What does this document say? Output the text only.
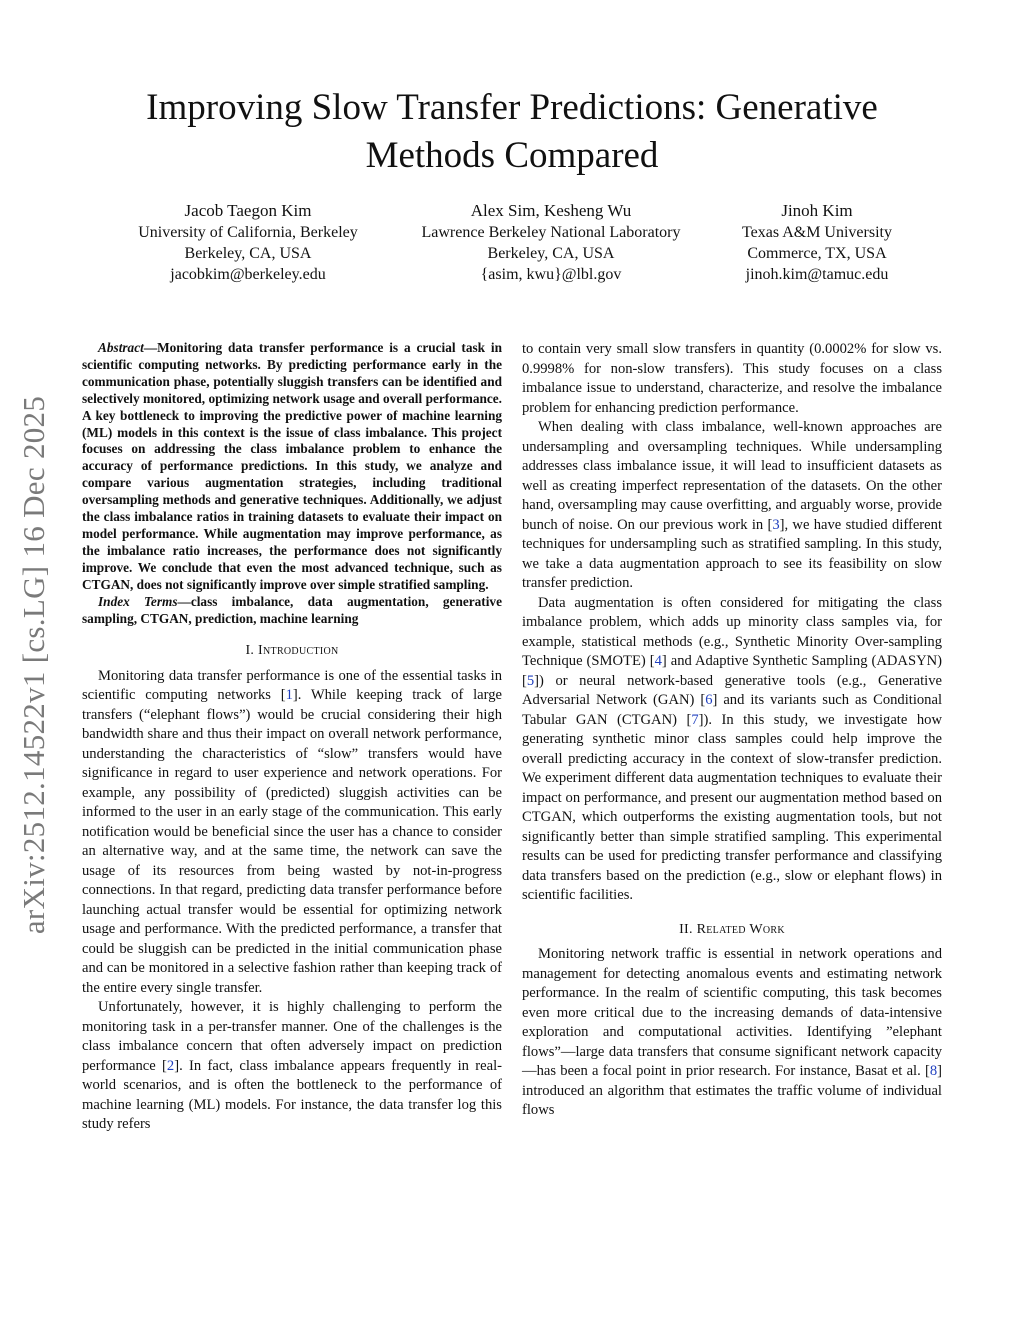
arXiv:2512.14522v1 [cs.LG] 16 Dec 2025
Improving Slow Transfer Predictions: Generative Methods Compared
Jacob Taegon Kim
University of California, Berkeley
Berkeley, CA, USA
jacobkim@berkeley.edu
Alex Sim, Kesheng Wu
Lawrence Berkeley National Laboratory
Berkeley, CA, USA
{asim, kwu}@lbl.gov
Jinoh Kim
Texas A&M University
Commerce, TX, USA
jinoh.kim@tamuc.edu

Abstract—Monitoring data transfer performance is a crucial task in scientific computing networks. By predicting performance early in the communication phase, potentially sluggish transfers can be identified and selectively monitored, optimizing network usage and overall performance. A key bottleneck to improving the predictive power of machine learning (ML) models in this context is the issue of class imbalance. This project focuses on addressing the class imbalance problem to enhance the accuracy of performance predictions. In this study, we analyze and compare various augmentation strategies, including traditional oversampling methods and generative techniques. Additionally, we adjust the class imbalance ratios in training datasets to evaluate their impact on model performance. While augmentation may improve performance, as the imbalance ratio increases, the performance does not significantly improve. We conclude that even the most advanced technique, such as CTGAN, does not significantly improve over simple stratified sampling.

Index Terms—class imbalance, data augmentation, generative sampling, CTGAN, prediction, machine learning

I. Introduction

Monitoring data transfer performance is one of the essential tasks in scientific computing networks [1]. While keeping track of large transfers (“elephant flows”) would be crucial considering their high bandwidth share and thus their impact on overall network performance, understanding the characteristics of “slow” transfers would have significance in regard to user experience and network operations. For example, any possibility of (predicted) sluggish activities can be informed to the user in an early stage of the communication. This early notification would be beneficial since the user has a chance to consider an alternative way, and at the same time, the network can save the usage of its resources from being wasted by not-in-progress connections. In that regard, predicting data transfer performance before launching actual transfer would be essential for optimizing network usage and performance. With the predicted performance, a transfer that could be sluggish can be predicted in the initial communication phase and can be monitored in a selective fashion rather than keeping track of the entire every single transfer.

Unfortunately, however, it is highly challenging to perform the monitoring task in a per-transfer manner. One of the challenges is the class imbalance concern that often adversely impact on prediction performance [2]. In fact, class imbalance appears frequently in real-world scenarios, and is often the bottleneck to the performance of machine learning (ML) models. For instance, the data transfer log this study refers

to contain very small slow transfers in quantity (0.0002% for slow vs. 0.9998% for non-slow transfers). This study focuses on a class imbalance issue to understand, characterize, and resolve the imbalance problem for enhancing prediction performance.

When dealing with class imbalance, well-known approaches are undersampling and oversampling techniques. While undersampling addresses class imbalance issue, it will lead to insufficient datasets as well as creating imperfect representation of the datasets. On the other hand, oversampling may cause overfitting, and arguably worse, provide bunch of noise. On our previous work in [3], we have studied different techniques for undersampling such as stratified sampling. In this study, we take a data augmentation approach to see its feasibility on slow transfer prediction.

Data augmentation is often considered for mitigating the class imbalance problem, which adds up minority class samples via, for example, statistical methods (e.g., Synthetic Minority Over-sampling Technique (SMOTE) [4] and Adaptive Synthetic Sampling (ADASYN) [5]) or neural network-based generative tools (e.g., Generative Adversarial Network (GAN) [6] and its variants such as Conditional Tabular GAN (CTGAN) [7]). In this study, we investigate how generating synthetic minor class samples could help improve the overall predicting accuracy in the context of slow-transfer prediction. We experiment different data augmentation techniques to evaluate their impact on performance, and present our augmentation method based on CTGAN, which outperforms the existing augmentation tools, but not significantly better than simple stratified sampling. This experimental results can be used for predicting transfer performance and classifying data transfers based on the prediction (e.g., slow or elephant flows) in scientific facilities.

II. Related Work

Monitoring network traffic is essential in network operations and management for detecting anomalous events and estimating network performance. In the realm of scientific computing, this task becomes even more critical due to the increasing demands of data-intensive exploration and computational activities. Identifying ”elephant flows”—large data transfers that consume significant network capacity—has been a focal point in prior research. For instance, Basat et al. [8] introduced an algorithm that estimates the traffic volume of individual flows
